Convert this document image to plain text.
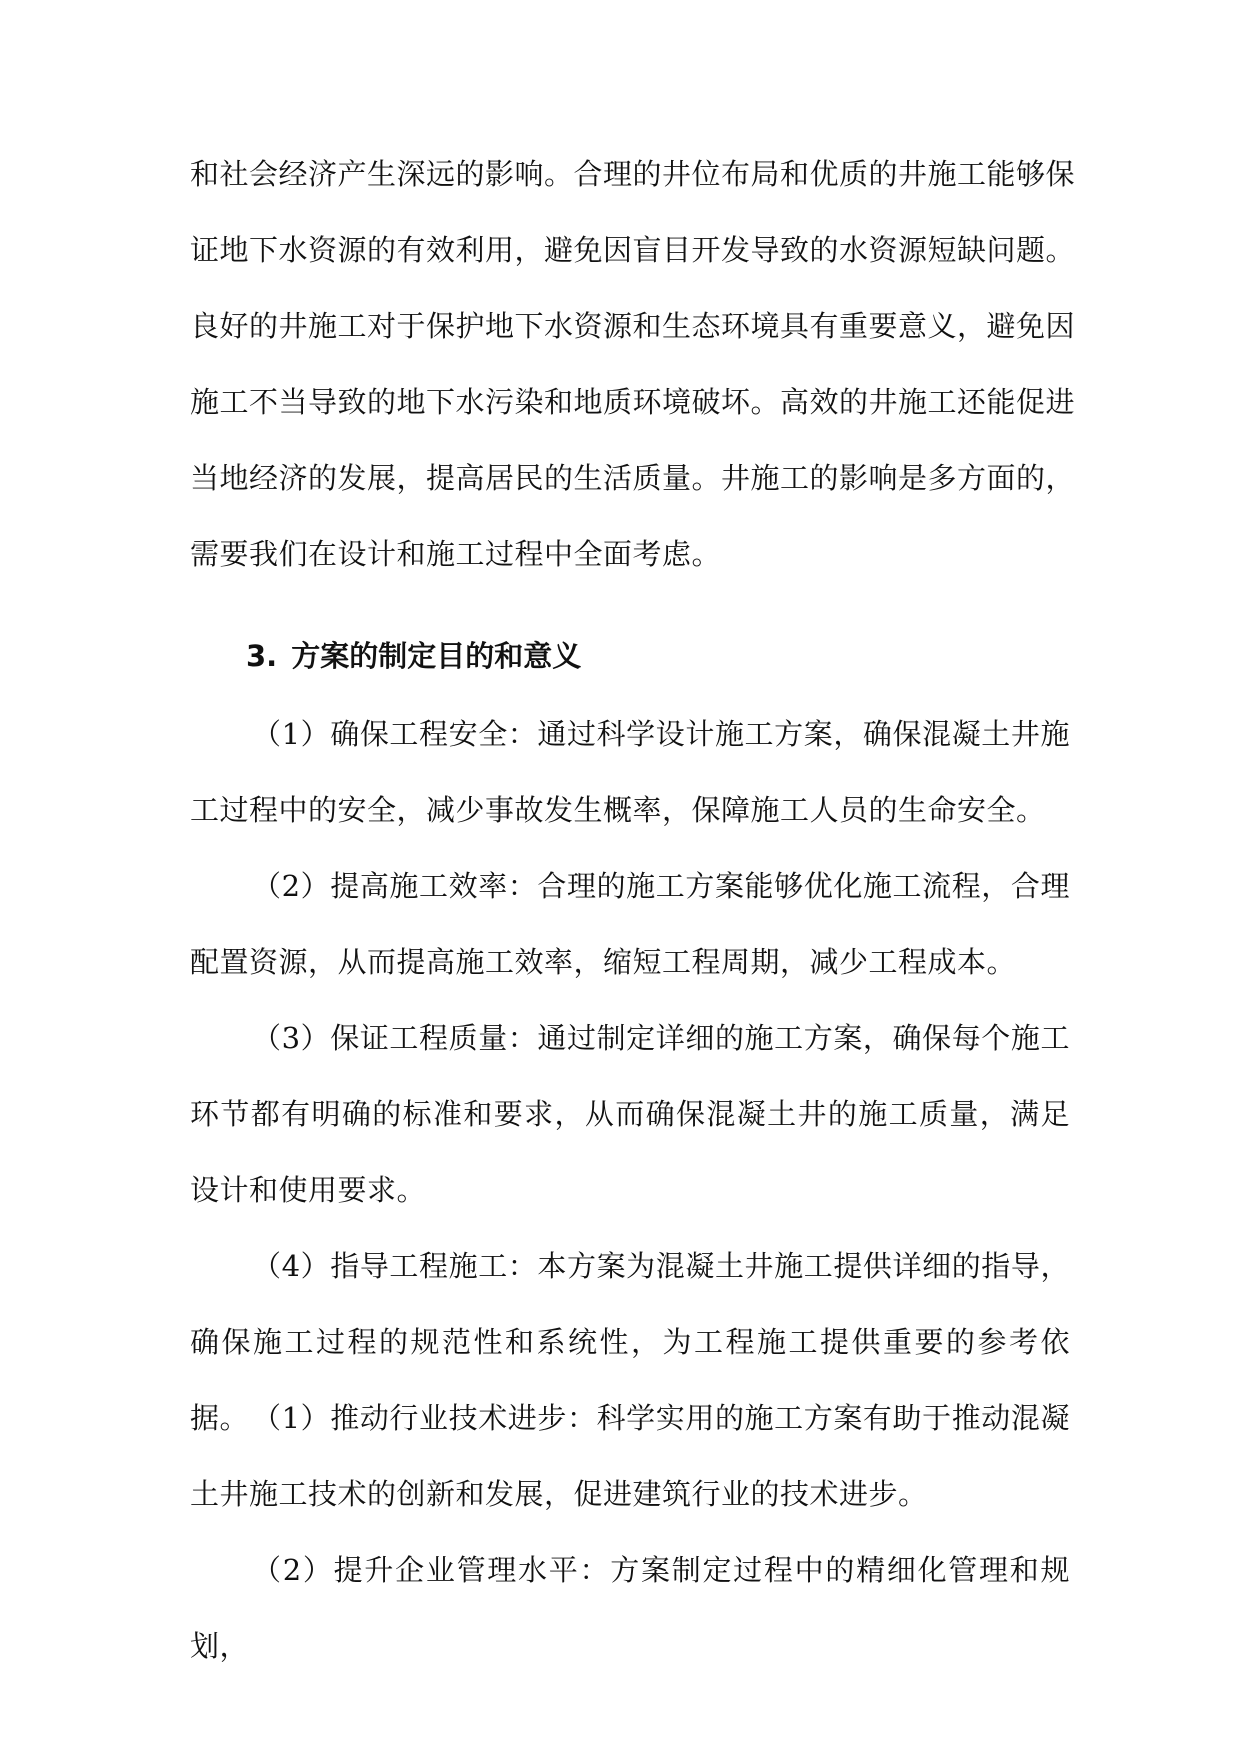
和社会经济产生深远的影响。合理的井位布局和优质的井施工能够保证地下水资源的有效利用，避免因盲目开发导致的水资源短缺问题。良好的井施工对于保护地下水资源和生态环境具有重要意义，避免因施工不当导致的地下水污染和地质环境破坏。高效的井施工还能促进当地经济的发展，提高居民的生活质量。井施工的影响是多方面的，需要我们在设计和施工过程中全面考虑。

3. 方案的制定目的和意义

（1）确保工程安全：通过科学设计施工方案，确保混凝土井施工过程中的安全，减少事故发生概率，保障施工人员的生命安全。

（2）提高施工效率：合理的施工方案能够优化施工流程，合理配置资源，从而提高施工效率，缩短工程周期，减少工程成本。

（3）保证工程质量：通过制定详细的施工方案，确保每个施工环节都有明确的标准和要求，从而确保混凝土井的施工质量，满足设计和使用要求。

（4）指导工程施工：本方案为混凝土井施工提供详细的指导，确保施工过程的规范性和系统性，为工程施工提供重要的参考依据。 （1）推动行业技术进步：科学实用的施工方案有助于推动混凝土井施工技术的创新和发展，促进建筑行业的技术进步。

（2）提升企业管理水平：方案制定过程中的精细化管理和规划，
